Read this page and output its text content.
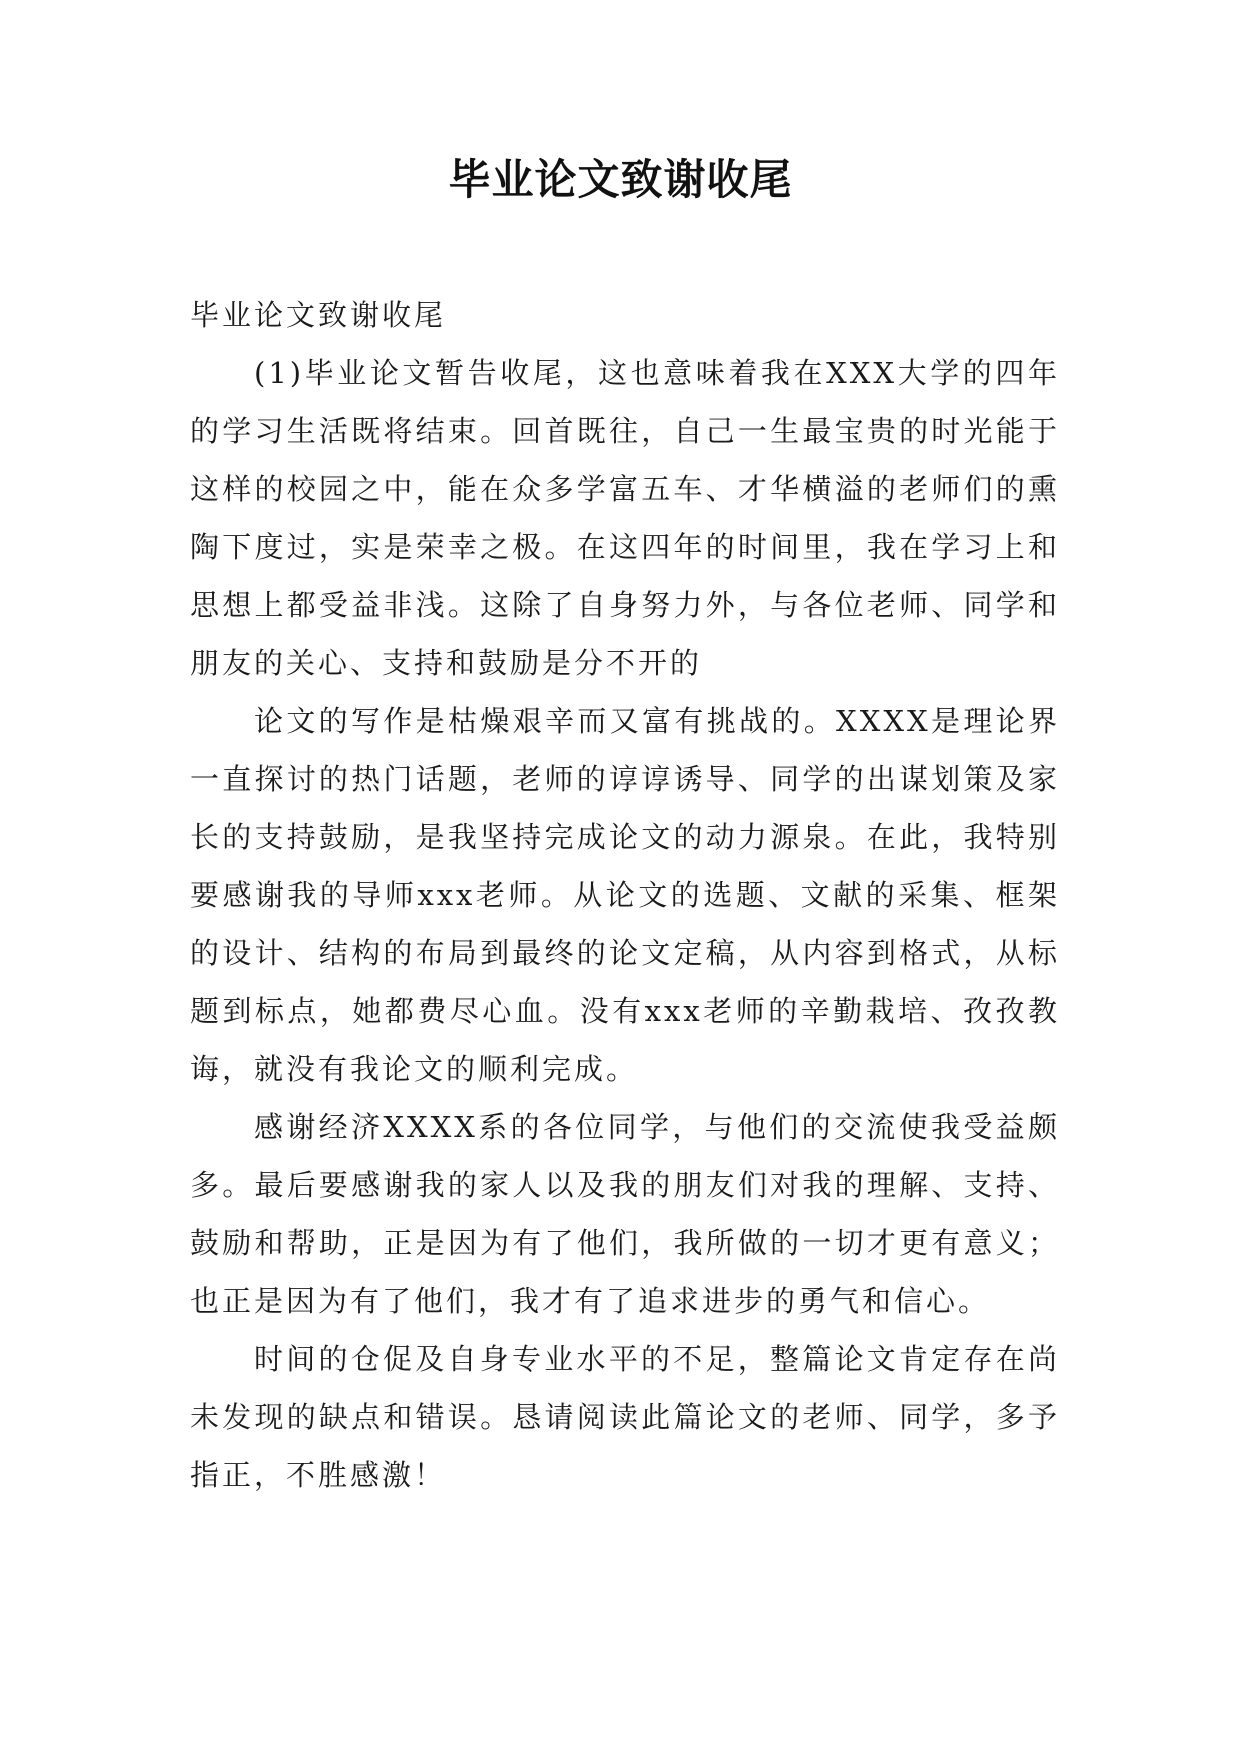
毕业论文致谢收尾

毕业论文致谢收尾

(1)毕业论文暂告收尾，这也意味着我在XXX大学的四年的学习生活既将结束。回首既往，自己一生最宝贵的时光能于这样的校园之中，能在众多学富五车、才华横溢的老师们的熏陶下度过，实是荣幸之极。在这四年的时间里，我在学习上和思想上都受益非浅。这除了自身努力外，与各位老师、同学和朋友的关心、支持和鼓励是分不开的

论文的写作是枯燥艰辛而又富有挑战的。XXXX是理论界一直探讨的热门话题，老师的谆谆诱导、同学的出谋划策及家长的支持鼓励，是我坚持完成论文的动力源泉。在此，我特别要感谢我的导师xxx老师。从论文的选题、文献的采集、框架的设计、结构的布局到最终的论文定稿，从内容到格式，从标题到标点，她都费尽心血。没有xxx老师的辛勤栽培、孜孜教诲，就没有我论文的顺利完成。

感谢经济XXXX系的各位同学，与他们的交流使我受益颇多。最后要感谢我的家人以及我的朋友们对我的理解、支持、鼓励和帮助，正是因为有了他们，我所做的一切才更有意义；也正是因为有了他们，我才有了追求进步的勇气和信心。

时间的仓促及自身专业水平的不足，整篇论文肯定存在尚未发现的缺点和错误。恳请阅读此篇论文的老师、同学，多予指正，不胜感激！
